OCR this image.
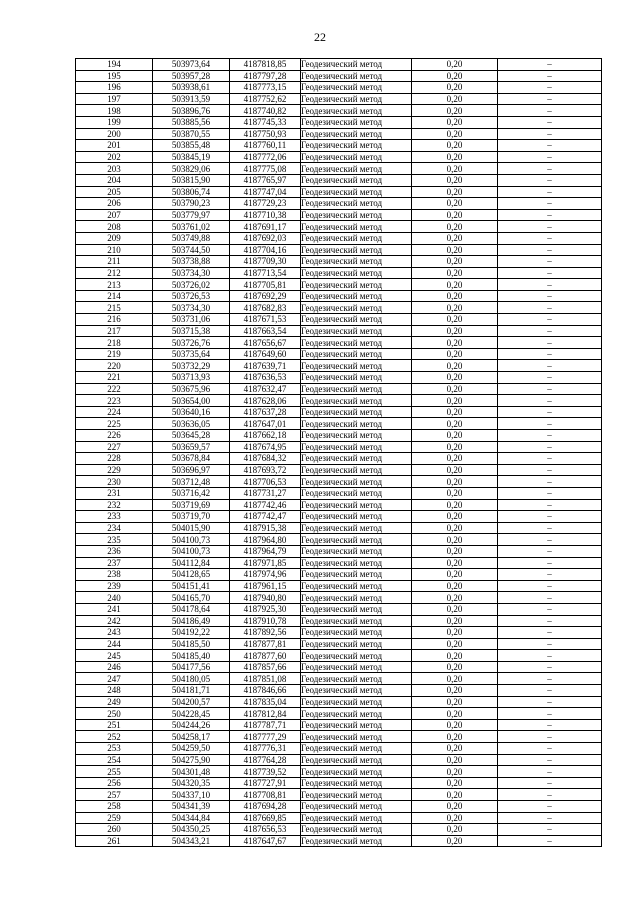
22
194	503973,64	4187818,85	Геодезический метод	0,20	–
195	503957,28	4187797,28	Геодезический метод	0,20	–
196	503938,61	4187773,15	Геодезический метод	0,20	–
197	503913,59	4187752,62	Геодезический метод	0,20	–
198	503896,76	4187740,82	Геодезический метод	0,20	–
199	503885,56	4187745,33	Геодезический метод	0,20	–
200	503870,55	4187750,93	Геодезический метод	0,20	–
201	503855,48	4187760,11	Геодезический метод	0,20	–
202	503845,19	4187772,06	Геодезический метод	0,20	–
203	503829,06	4187775,08	Геодезический метод	0,20	–
204	503815,90	4187765,97	Геодезический метод	0,20	–
205	503806,74	4187747,04	Геодезический метод	0,20	–
206	503790,23	4187729,23	Геодезический метод	0,20	–
207	503779,97	4187710,38	Геодезический метод	0,20	–
208	503761,02	4187691,17	Геодезический метод	0,20	–
209	503749,88	4187692,03	Геодезический метод	0,20	–
210	503744,50	4187704,16	Геодезический метод	0,20	–
211	503738,88	4187709,30	Геодезический метод	0,20	–
212	503734,30	4187713,54	Геодезический метод	0,20	–
213	503726,02	4187705,81	Геодезический метод	0,20	–
214	503726,53	4187692,29	Геодезический метод	0,20	–
215	503734,30	4187682,83	Геодезический метод	0,20	–
216	503731,06	4187671,53	Геодезический метод	0,20	–
217	503715,38	4187663,54	Геодезический метод	0,20	–
218	503726,76	4187656,67	Геодезический метод	0,20	–
219	503735,64	4187649,60	Геодезический метод	0,20	–
220	503732,29	4187639,71	Геодезический метод	0,20	–
221	503713,93	4187636,53	Геодезический метод	0,20	–
222	503675,96	4187632,47	Геодезический метод	0,20	–
223	503654,00	4187628,06	Геодезический метод	0,20	–
224	503640,16	4187637,28	Геодезический метод	0,20	–
225	503636,05	4187647,01	Геодезический метод	0,20	–
226	503645,28	4187662,18	Геодезический метод	0,20	–
227	503659,57	4187674,95	Геодезический метод	0,20	–
228	503678,84	4187684,32	Геодезический метод	0,20	–
229	503696,97	4187693,72	Геодезический метод	0,20	–
230	503712,48	4187706,53	Геодезический метод	0,20	–
231	503716,42	4187731,27	Геодезический метод	0,20	–
232	503719,69	4187742,46	Геодезический метод	0,20	–
233	503719,70	4187742,47	Геодезический метод	0,20	–
234	504015,90	4187915,38	Геодезический метод	0,20	–
235	504100,73	4187964,80	Геодезический метод	0,20	–
236	504100,73	4187964,79	Геодезический метод	0,20	–
237	504112,84	4187971,85	Геодезический метод	0,20	–
238	504128,65	4187974,96	Геодезический метод	0,20	–
239	504151,41	4187961,15	Геодезический метод	0,20	–
240	504165,70	4187940,80	Геодезический метод	0,20	–
241	504178,64	4187925,30	Геодезический метод	0,20	–
242	504186,49	4187910,78	Геодезический метод	0,20	–
243	504192,22	4187892,56	Геодезический метод	0,20	–
244	504185,50	4187877,81	Геодезический метод	0,20	–
245	504185,40	4187877,60	Геодезический метод	0,20	–
246	504177,56	4187857,66	Геодезический метод	0,20	–
247	504180,05	4187851,08	Геодезический метод	0,20	–
248	504181,71	4187846,66	Геодезический метод	0,20	–
249	504200,57	4187835,04	Геодезический метод	0,20	–
250	504228,45	4187812,84	Геодезический метод	0,20	–
251	504244,26	4187787,71	Геодезический метод	0,20	–
252	504258,17	4187777,29	Геодезический метод	0,20	–
253	504259,50	4187776,31	Геодезический метод	0,20	–
254	504275,90	4187764,28	Геодезический метод	0,20	–
255	504301,48	4187739,52	Геодезический метод	0,20	–
256	504320,35	4187727,91	Геодезический метод	0,20	–
257	504337,10	4187708,81	Геодезический метод	0,20	–
258	504341,39	4187694,28	Геодезический метод	0,20	–
259	504344,84	4187669,85	Геодезический метод	0,20	–
260	504350,25	4187656,53	Геодезический метод	0,20	–
261	504343,21	4187647,67	Геодезический метод	0,20	–
